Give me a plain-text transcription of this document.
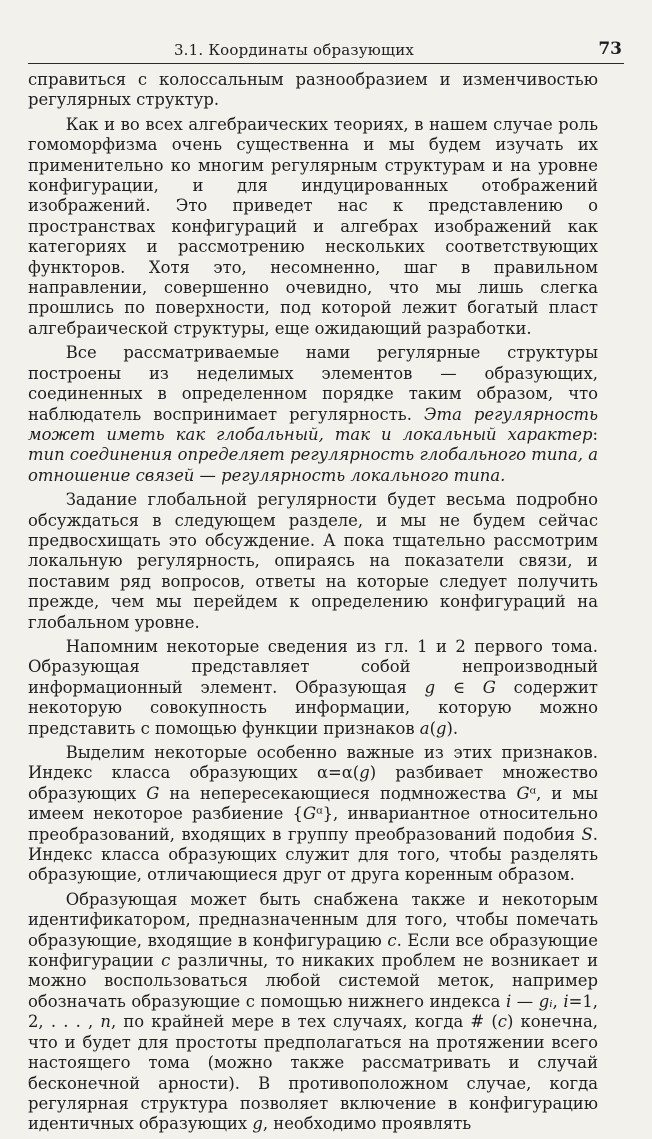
3.1. Координаты образующих	73

справиться с колоссальным разнообразием и изменчивостью регулярных структур.

Как и во всех алгебраических теориях, в нашем случае роль гомоморфизма очень существенна и мы будем изучать их применительно ко многим регулярным структурам и на уровне конфигурации, и для индуцированных отображений изображений. Это приведет нас к представлению о пространствах конфигураций и алгебрах изображений как категориях и рассмотрению нескольких соответствующих функторов. Хотя это, несомненно, шаг в правильном направлении, совершенно очевидно, что мы лишь слегка прошлись по поверхности, под которой лежит богатый пласт алгебраической структуры, еще ожидающий разработки.

Все рассматриваемые нами регулярные структуры построены из неделимых элементов — образующих, соединенных в определенном порядке таким образом, что наблюдатель воспринимает регулярность. Эта регулярность может иметь как глобальный, так и локальный характер: тип соединения определяет регулярность глобального типа, а отношение связей — регулярность локального типа.

Задание глобальной регулярности будет весьма подробно обсуждаться в следующем разделе, и мы не будем сейчас предвосхищать это обсуждение. А пока тщательно рассмотрим локальную регулярность, опираясь на показатели связи, и поставим ряд вопросов, ответы на которые следует получить прежде, чем мы перейдем к определению конфигураций на глобальном уровне.

Напомним некоторые сведения из гл. 1 и 2 первого тома. Образующая представляет собой непроизводный информационный элемент. Образующая g ∈ G содержит некоторую совокупность информации, которую можно представить с помощью функции признаков a(g).

Выделим некоторые особенно важные из этих признаков. Индекс класса образующих α=α(g) разбивает множество образующих G на непересекающиеся подмножества Gᵅ, и мы имеем некоторое разбиение {Gᵅ}, инвариантное относительно преобразований, входящих в группу преобразований подобия S. Индекс класса образующих служит для того, чтобы разделять образующие, отличающиеся друг от друга коренным образом.

Образующая может быть снабжена также и некоторым идентификатором, предназначенным для того, чтобы помечать образующие, входящие в конфигурацию c. Если все образующие конфигурации c различны, то никаких проблем не возникает и можно воспользоваться любой системой меток, например обозначать образующие с помощью нижнего индекса i — gᵢ, i=1, 2, . . . , n, по крайней мере в тех случаях, когда # (c) конечна, что и будет для простоты предполагаться на протяжении всего настоящего тома (можно также рассматривать и случай бесконечной арности). В противоположном случае, когда регулярная структура позволяет включение в конфигурацию идентичных образующих g, необходимо проявлять
